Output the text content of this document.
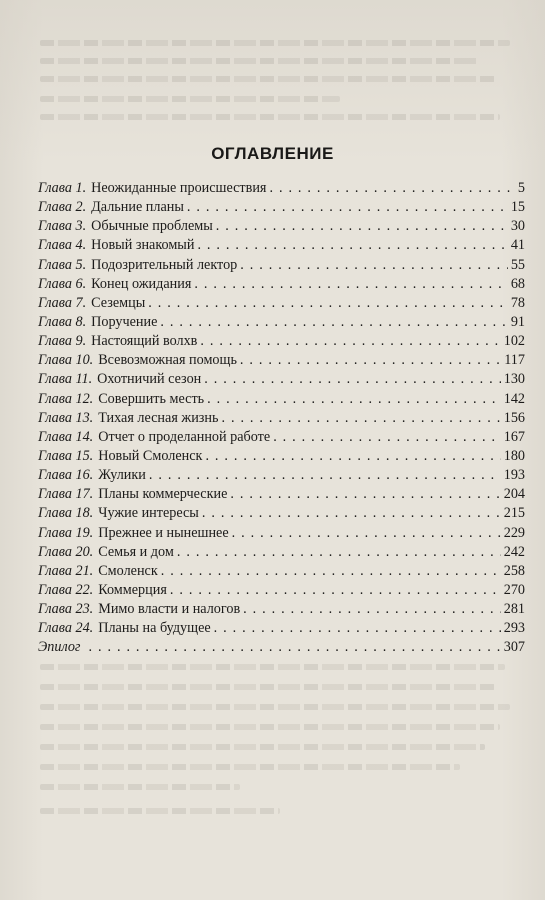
ОГЛАВЛЕНИЕ
Глава 1. Неожиданные происшествия . . .	5
Глава 2. Дальние планы . . .	15
Глава 3. Обычные проблемы . . .	30
Глава 4. Новый знакомый . . .	41
Глава 5. Подозрительный лектор . . .	55
Глава 6. Конец ожидания . . .	68
Глава 7. Сеземцы . . .	78
Глава 8. Поручение . . .	91
Глава 9. Настоящий волхв . . .	102
Глава 10. Всевозможная помощь . . .	117
Глава 11. Охотничий сезон . . .	130
Глава 12. Совершить месть . . .	142
Глава 13. Тихая лесная жизнь . . .	156
Глава 14. Отчет о проделанной работе . . .	167
Глава 15. Новый Смоленск . . .	180
Глава 16. Жулики . . .	193
Глава 17. Планы коммерческие . . .	204
Глава 18. Чужие интересы . . .	215
Глава 19. Прежнее и нынешнее . . .	229
Глава 20. Семья и дом . . .	242
Глава 21. Смоленск . . .	258
Глава 22. Коммерция . . .	270
Глава 23. Мимо власти и налогов . . .	281
Глава 24. Планы на будущее . . .	293
Эпилог . . .	307
